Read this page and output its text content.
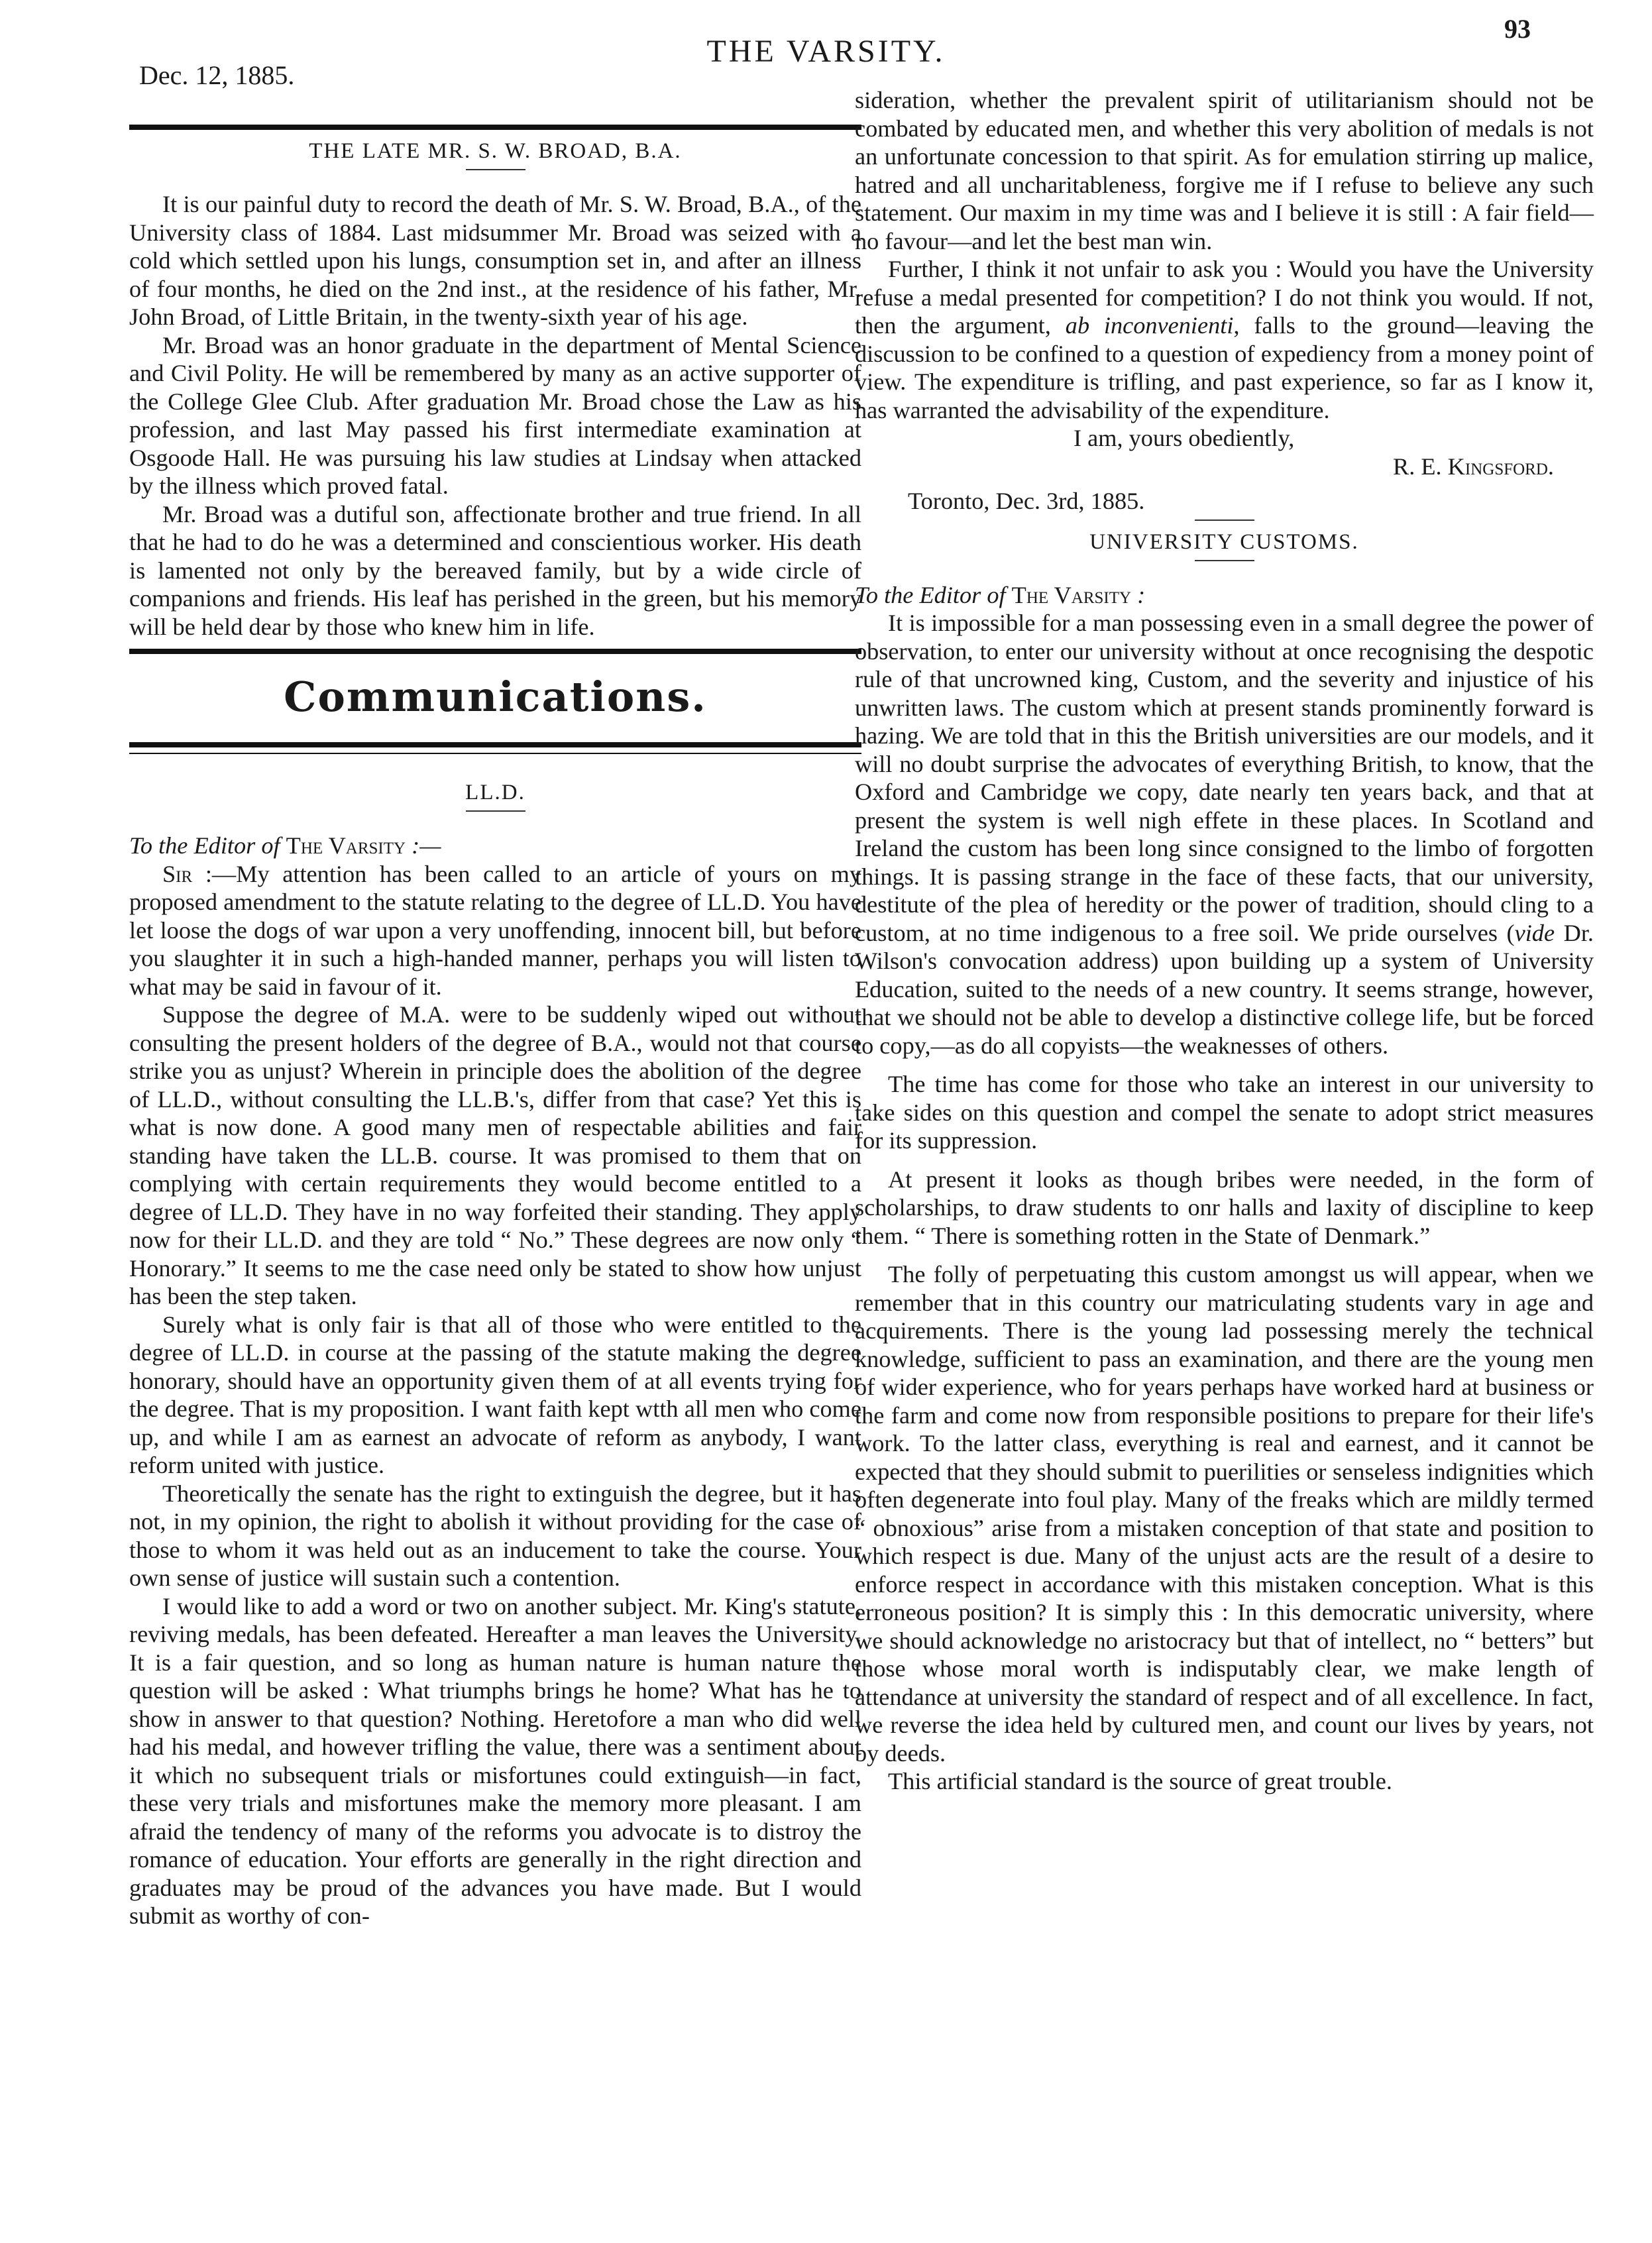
Dec. 12, 1885.
THE VARSITY.
93
THE LATE MR. S. W. BROAD, B.A.

It is our painful duty to record the death of Mr. S. W. Broad, B.A., of the University class of 1884. Last midsummer Mr. Broad was seized with a cold which settled upon his lungs, consumption set in, and after an illness of four months, he died on the 2nd inst., at the residence of his father, Mr. John Broad, of Little Britain, in the twenty-sixth year of his age.

Mr. Broad was an honor graduate in the department of Mental Science and Civil Polity. He will be remembered by many as an active supporter of the College Glee Club. After graduation Mr. Broad chose the Law as his profession, and last May passed his first intermediate examination at Osgoode Hall. He was pursuing his law studies at Lindsay when attacked by the illness which proved fatal.

Mr. Broad was a dutiful son, affectionate brother and true friend. In all that he had to do he was a determined and conscientious worker. His death is lamented not only by the bereaved family, but by a wide circle of companions and friends. His leaf has perished in the green, but his memory will be held dear by those who knew him in life.

Communications.
LL.D.
To the Editor of The Varsity :—

Sir :—My attention has been called to an article of yours on my proposed amendment to the statute relating to the degree of LL.D. You have let loose the dogs of war upon a very unoffending, innocent bill, but before you slaughter it in such a high-handed manner, perhaps you will listen to what may be said in favour of it.

Suppose the degree of M.A. were to be suddenly wiped out without consulting the present holders of the degree of B.A., would not that course strike you as unjust? Wherein in principle does the abolition of the degree of LL.D., without consulting the LL.B.'s, differ from that case? Yet this is what is now done. A good many men of respectable abilities and fair standing have taken the LL.B. course. It was promised to them that on complying with certain requirements they would become entitled to a degree of LL.D. They have in no way forfeited their standing. They apply now for their LL.D. and they are told “ No.” These degrees are now only “ Honorary.” It seems to me the case need only be stated to show how unjust has been the step taken.

Surely what is only fair is that all of those who were entitled to the degree of LL.D. in course at the passing of the statute making the degree honorary, should have an opportunity given them of at all events trying for the degree. That is my proposition. I want faith kept wtth all men who come up, and while I am as earnest an advocate of reform as anybody, I want reform united with justice.

Theoretically the senate has the right to extinguish the degree, but it has not, in my opinion, the right to abolish it without providing for the case of those to whom it was held out as an inducement to take the course. Your own sense of justice will sustain such a contention.

I would like to add a word or two on another subject. Mr. King's statute, reviving medals, has been defeated. Hereafter a man leaves the University. It is a fair question, and so long as human nature is human nature the question will be asked : What triumphs brings he home? What has he to show in answer to that question? Nothing. Heretofore a man who did well had his medal, and however trifling the value, there was a sentiment about it which no subsequent trials or misfortunes could extinguish—in fact, these very trials and misfortunes make the memory more pleasant. I am afraid the tendency of many of the reforms you advocate is to distroy the romance of education. Your efforts are generally in the right direction and graduates may be proud of the advances you have made. But I would submit as worthy of con-

sideration, whether the prevalent spirit of utilitarianism should not be combated by educated men, and whether this very abolition of medals is not an unfortunate concession to that spirit. As for emulation stirring up malice, hatred and all uncharitableness, forgive me if I refuse to believe any such statement. Our maxim in my time was and I believe it is still : A fair field—no favour—and let the best man win.

Further, I think it not unfair to ask you : Would you have the University refuse a medal presented for competition? I do not think you would. If not, then the argument, ab inconvenienti, falls to the ground—leaving the discussion to be confined to a question of expediency from a money point of view. The expenditure is trifling, and past experience, so far as I know it, has warranted the advisability of the expenditure.

I am, yours obediently,
R. E. Kingsford.
Toronto, Dec. 3rd, 1885.
UNIVERSITY CUSTOMS.
To the Editor of The Varsity :

It is impossible for a man possessing even in a small degree the power of observation, to enter our university without at once recognising the despotic rule of that uncrowned king, Custom, and the severity and injustice of his unwritten laws. The custom which at present stands prominently forward is hazing. We are told that in this the British universities are our models, and it will no doubt surprise the advocates of everything British, to know, that the Oxford and Cambridge we copy, date nearly ten years back, and that at present the system is well nigh effete in these places. In Scotland and Ireland the custom has been long since consigned to the limbo of forgotten things. It is passing strange in the face of these facts, that our university, destitute of the plea of heredity or the power of tradition, should cling to a custom, at no time indigenous to a free soil. We pride ourselves (vide Dr. Wilson's convocation address) upon building up a system of University Education, suited to the needs of a new country. It seems strange, however, that we should not be able to develop a distinctive college life, but be forced to copy,—as do all copyists—the weaknesses of others.

The time has come for those who take an interest in our university to take sides on this question and compel the senate to adopt strict measures for its suppression.

At present it looks as though bribes were needed, in the form of scholarships, to draw students to onr halls and laxity of discipline to keep them. “ There is something rotten in the State of Denmark.”

The folly of perpetuating this custom amongst us will appear, when we remember that in this country our matriculating students vary in age and acquirements. There is the young lad possessing merely the technical knowledge, sufficient to pass an examination, and there are the young men of wider experience, who for years perhaps have worked hard at business or the farm and come now from responsible positions to prepare for their life's work. To the latter class, everything is real and earnest, and it cannot be expected that they should submit to puerilities or senseless indignities which often degenerate into foul play. Many of the freaks which are mildly termed “ obnoxious” arise from a mistaken conception of that state and position to which respect is due. Many of the unjust acts are the result of a desire to enforce respect in accordance with this mistaken conception. What is this erroneous position? It is simply this : In this democratic university, where we should acknowledge no aristocracy but that of intellect, no “ betters” but those whose moral worth is indisputably clear, we make length of attendance at university the standard of respect and of all excellence. In fact, we reverse the idea held by cultured men, and count our lives by years, not by deeds.

This artificial standard is the source of great trouble.
